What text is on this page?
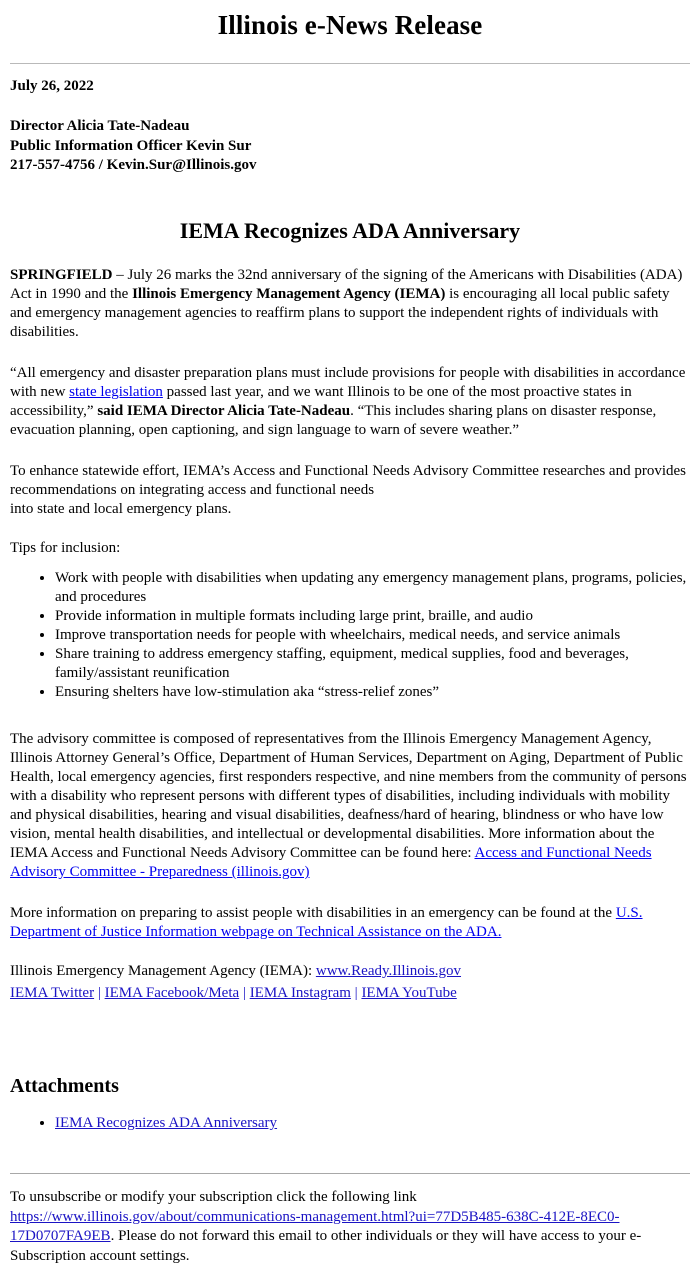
Illinois e-News Release
July 26, 2022
Director Alicia Tate-Nadeau
Public Information Officer Kevin Sur
217-557-4756 / Kevin.Sur@Illinois.gov
IEMA Recognizes ADA Anniversary

SPRINGFIELD – July 26 marks the 32nd anniversary of the signing of the Americans with Disabilities (ADA) Act in 1990 and the Illinois Emergency Management Agency (IEMA) is encouraging all local public safety and emergency management agencies to reaffirm plans to support the independent rights of individuals with disabilities.

“All emergency and disaster preparation plans must include provisions for people with disabilities in accordance with new state legislation passed last year, and we want Illinois to be one of the most proactive states in accessibility,” said IEMA Director Alicia Tate-Nadeau. “This includes sharing plans on disaster response, evacuation planning, open captioning, and sign language to warn of severe weather.”

To enhance statewide effort, IEMA’s Access and Functional Needs Advisory Committee researches and provides recommendations on integrating access and functional needs
into state and local emergency plans.

Tips for inclusion:

• Work with people with disabilities when updating any emergency management plans, programs, policies, and procedures
• Provide information in multiple formats including large print, braille, and audio
• Improve transportation needs for people with wheelchairs, medical needs, and service animals
• Share training to address emergency staffing, equipment, medical supplies, food and beverages, family/assistant reunification
• Ensuring shelters have low-stimulation aka “stress-relief zones”

The advisory committee is composed of representatives from the Illinois Emergency Management Agency, Illinois Attorney General’s Office, Department of Human Services, Department on Aging, Department of Public Health, local emergency agencies, first responders respective, and nine members from the community of persons with a disability who represent persons with different types of disabilities, including individuals with mobility and physical disabilities, hearing and visual disabilities, deafness/hard of hearing, blindness or who have low vision, mental health disabilities, and intellectual or developmental disabilities. More information about the IEMA Access and Functional Needs Advisory Committee can be found here: Access and Functional Needs Advisory Committee - Preparedness (illinois.gov)

More information on preparing to assist people with disabilities in an emergency can be found at the U.S. Department of Justice Information webpage on Technical Assistance on the ADA.

Illinois Emergency Management Agency (IEMA): www.Ready.Illinois.gov

IEMA Twitter | IEMA Facebook/Meta | IEMA Instagram | IEMA YouTube

Attachments
• IEMA Recognizes ADA Anniversary

To unsubscribe or modify your subscription click the following link
https://www.illinois.gov/about/communications-management.html?ui=77D5B485-638C-412E-8EC0-17D0707FA9EB. Please do not forward this email to other individuals or they will have access to your e-Subscription account settings.
